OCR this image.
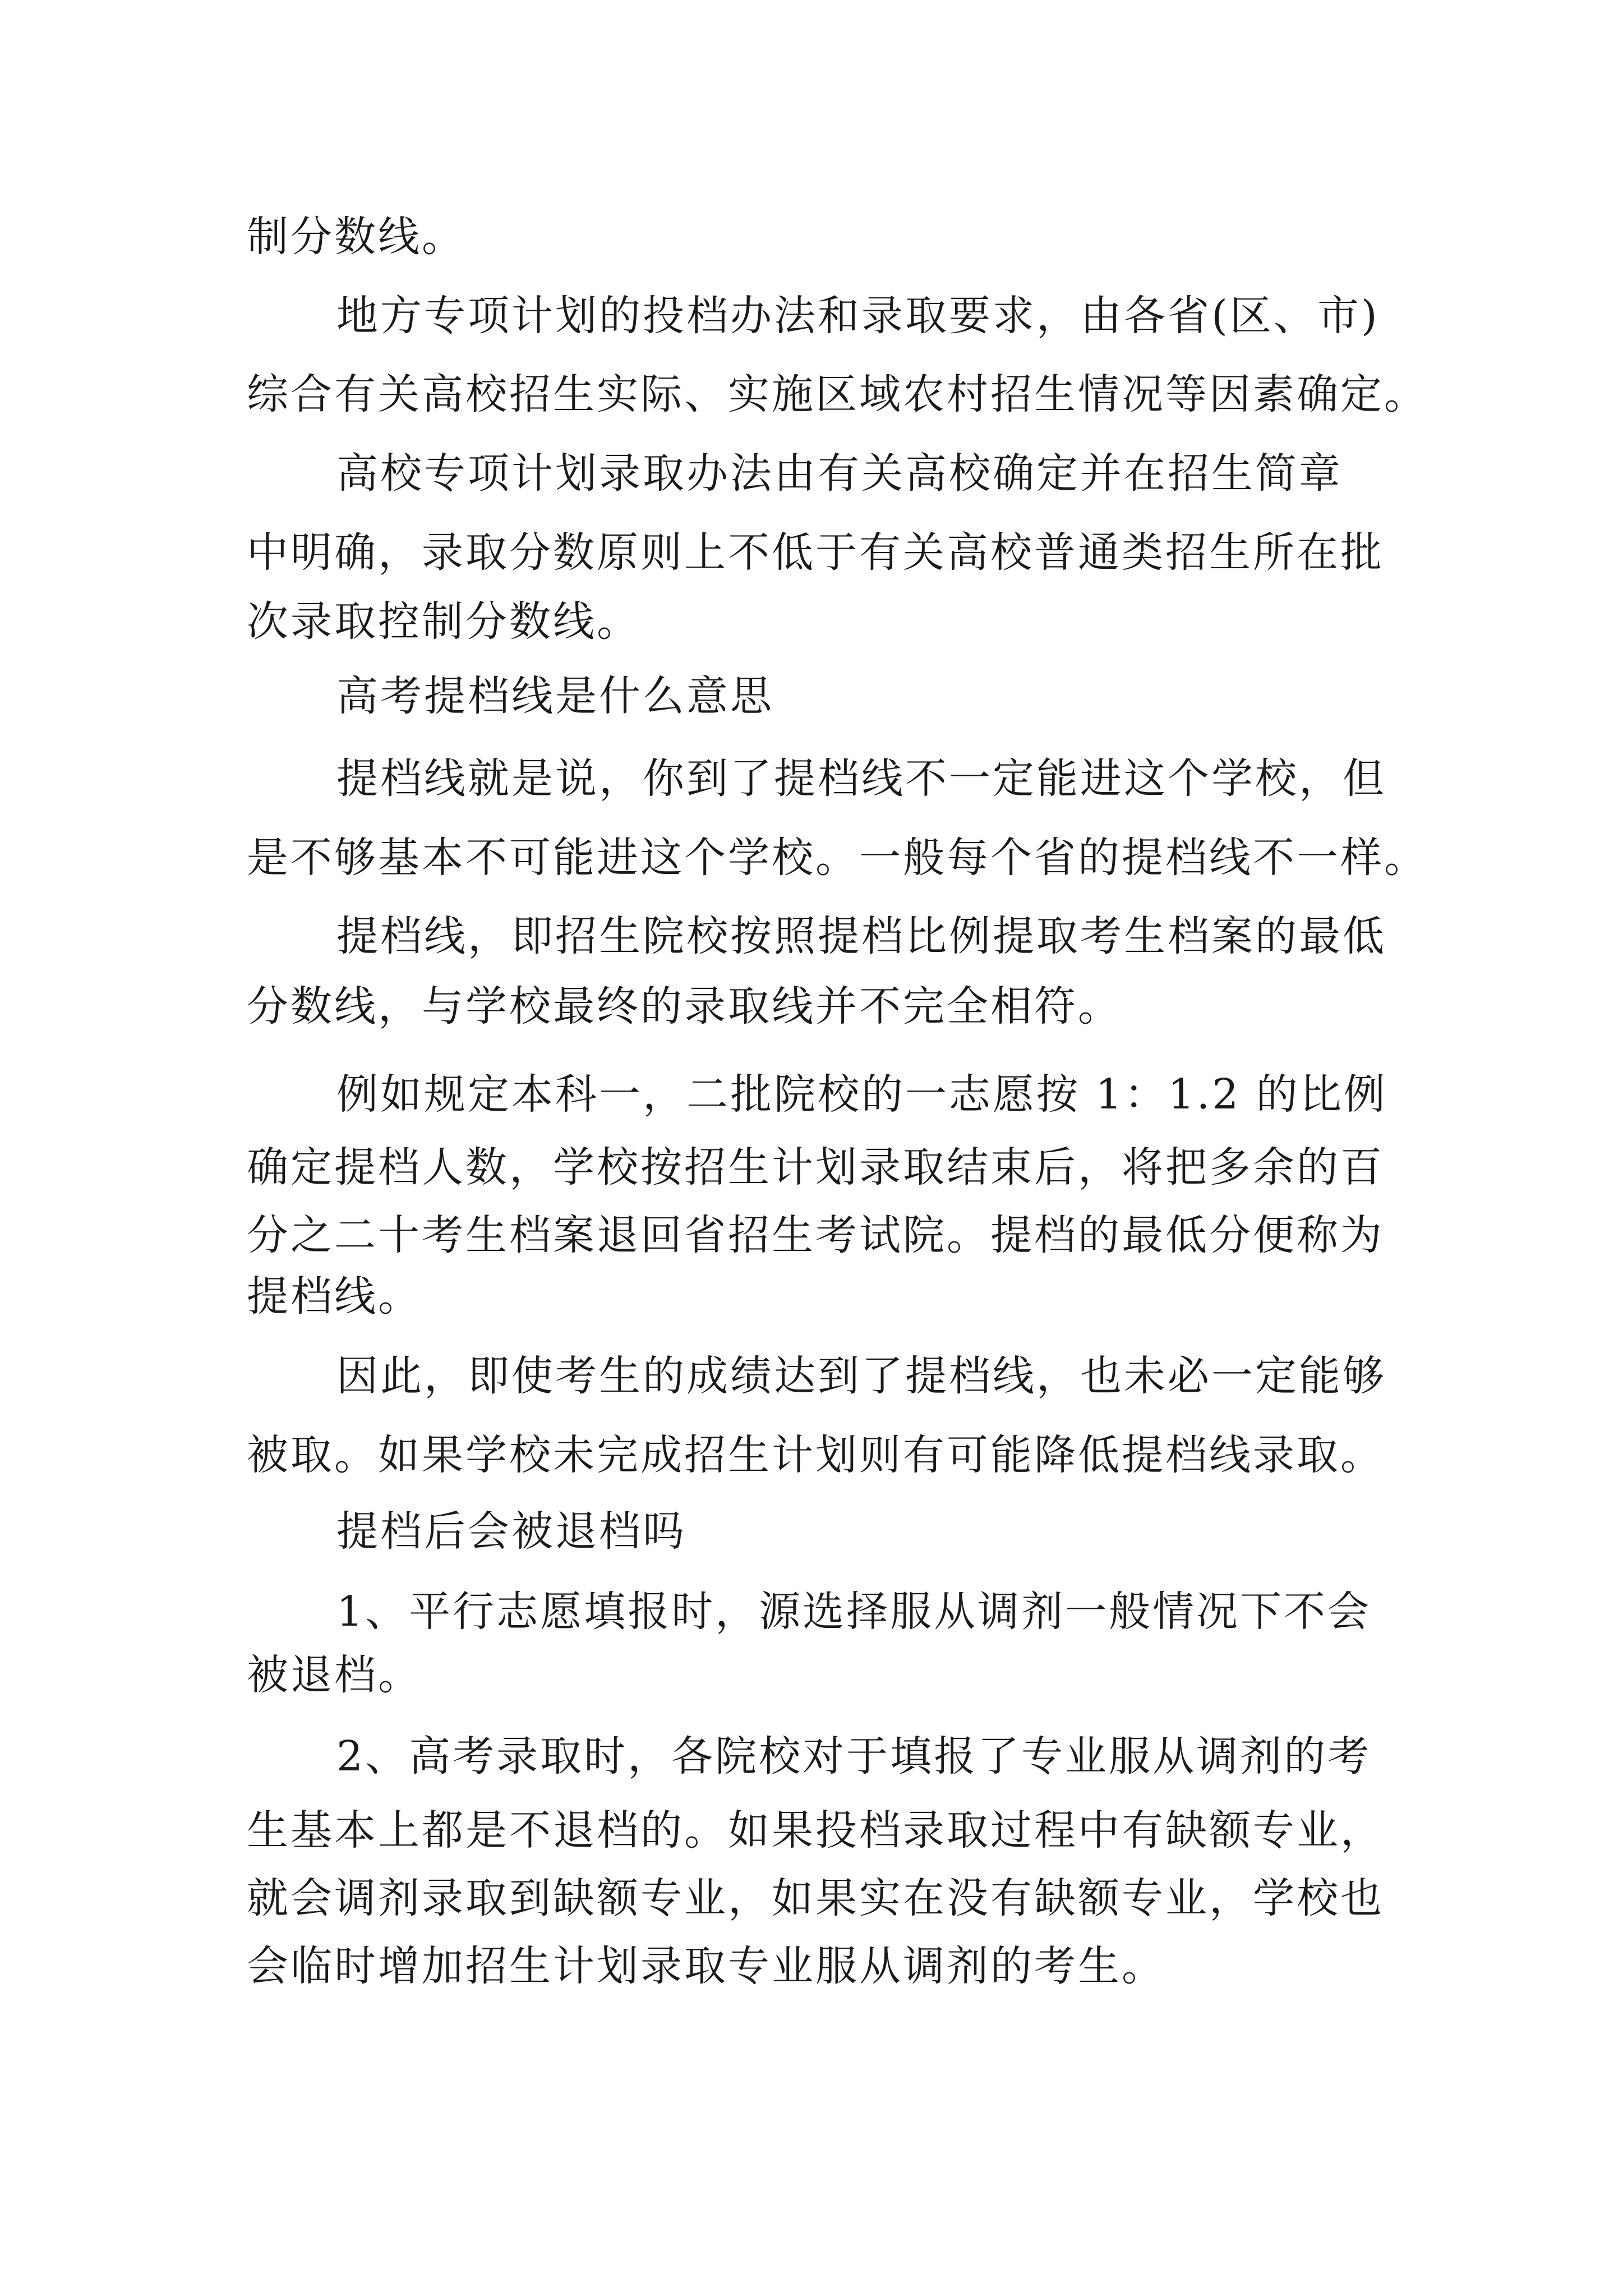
制分数线。

地方专项计划的投档办法和录取要求，由各省(区、市)

综合有关高校招生实际、实施区域农村招生情况等因素确定。

高校专项计划录取办法由有关高校确定并在招生简章

中明确，录取分数原则上不低于有关高校普通类招生所在批

次录取控制分数线。

高考提档线是什么意思

提档线就是说，你到了提档线不一定能进这个学校，但

是不够基本不可能进这个学校。一般每个省的提档线不一样。

提档线，即招生院校按照提档比例提取考生档案的最低

分数线，与学校最终的录取线并不完全相符。

例如规定本科一，二批院校的一志愿按 1：1.2 的比例

确定提档人数，学校按招生计划录取结束后，将把多余的百

分之二十考生档案退回省招生考试院。提档的最低分便称为

提档线。

因此，即使考生的成绩达到了提档线，也未必一定能够

被取。如果学校未完成招生计划则有可能降低提档线录取。

提档后会被退档吗

1、平行志愿填报时，源选择服从调剂一般情况下不会

被退档。

2、高考录取时，各院校对于填报了专业服从调剂的考

生基本上都是不退档的。如果投档录取过程中有缺额专业，

就会调剂录取到缺额专业，如果实在没有缺额专业，学校也

会临时增加招生计划录取专业服从调剂的考生。
